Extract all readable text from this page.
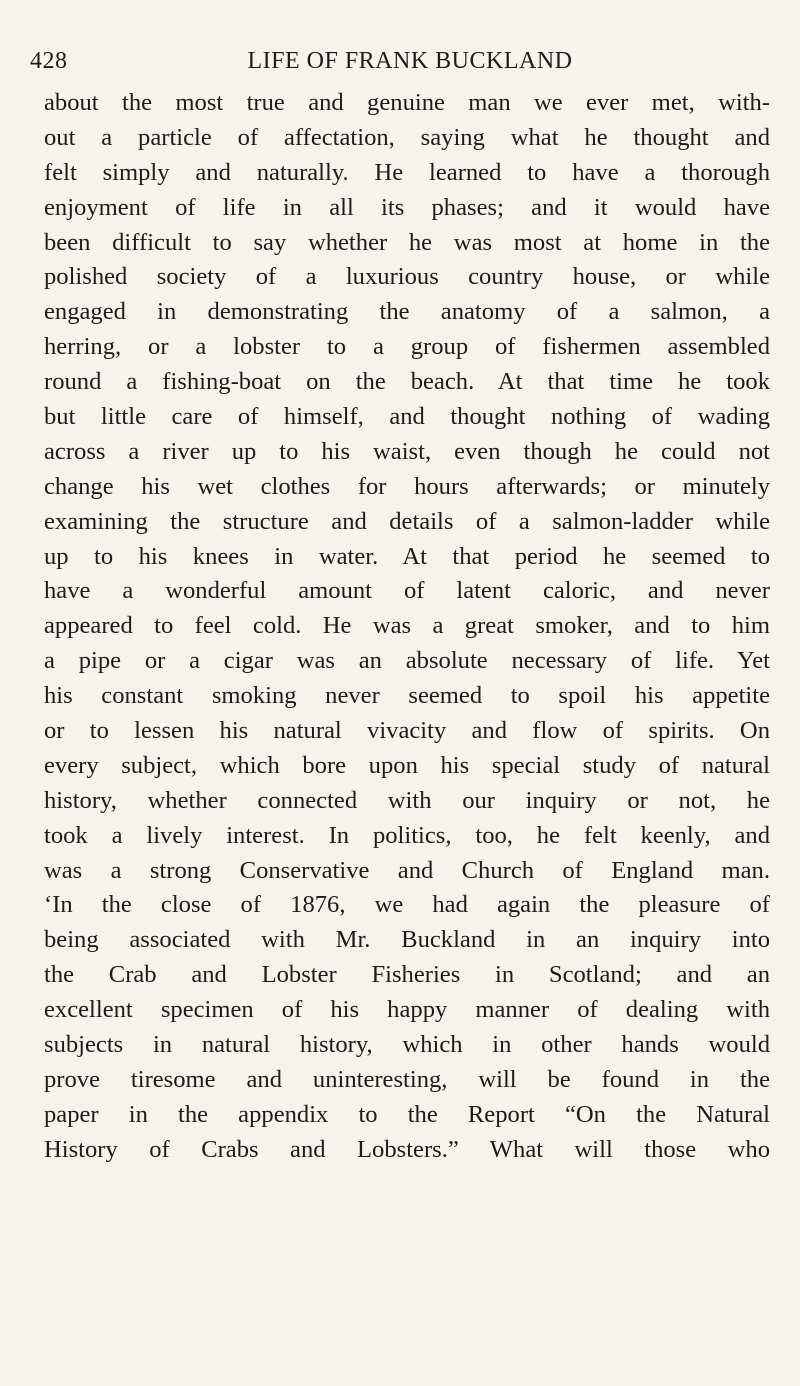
428	LIFE OF FRANK BUCKLAND
about the most true and genuine man we ever met, with-
out a particle of affectation, saying what he thought and
felt simply and naturally. He learned to have a thorough
enjoyment of life in all its phases; and it would have
been difficult to say whether he was most at home in the
polished society of a luxurious country house, or while
engaged in demonstrating the anatomy of a salmon, a
herring, or a lobster to a group of fishermen assembled
round a fishing-boat on the beach. At that time he took
but little care of himself, and thought nothing of wading
across a river up to his waist, even though he could not
change his wet clothes for hours afterwards; or minutely
examining the structure and details of a salmon-ladder while
up to his knees in water. At that period he seemed to
have a wonderful amount of latent caloric, and never
appeared to feel cold. He was a great smoker, and to him
a pipe or a cigar was an absolute necessary of life. Yet
his constant smoking never seemed to spoil his appetite
or to lessen his natural vivacity and flow of spirits. On
every subject, which bore upon his special study of natural
history, whether connected with our inquiry or not, he
took a lively interest. In politics, too, he felt keenly, and
was a strong Conservative and Church of England man.
‘In the close of 1876, we had again the pleasure of
being associated with Mr. Buckland in an inquiry into
the Crab and Lobster Fisheries in Scotland; and an
excellent specimen of his happy manner of dealing with
subjects in natural history, which in other hands would
prove tiresome and uninteresting, will be found in the
paper in the appendix to the Report “On the Natural
History of Crabs and Lobsters.” What will those who
